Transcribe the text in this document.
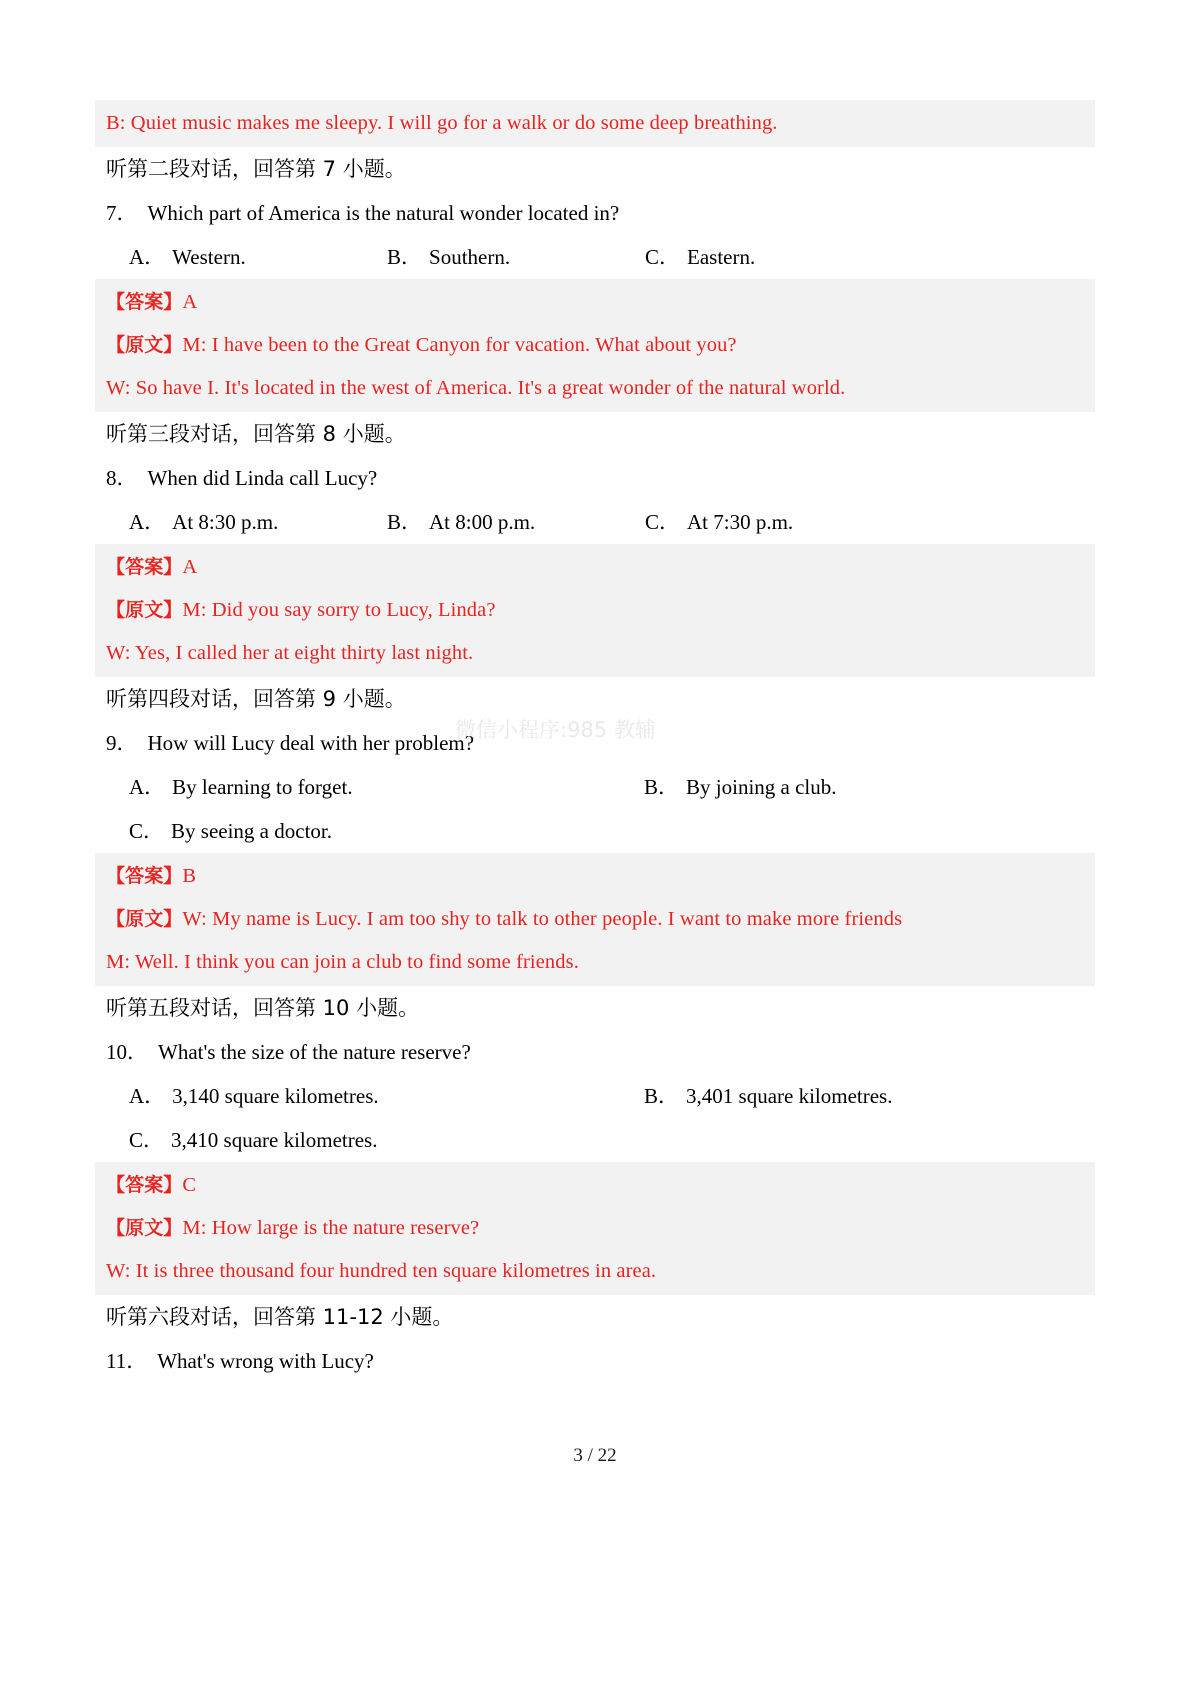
B: Quiet music makes me sleepy. I will go for a walk or do some deep breathing.
听第二段对话，回答第 7 小题。
7． Which part of America is the natural wonder located in?
A． Western.	B． Southern.	C． Eastern.
【答案】A
【原文】M: I have been to the Great Canyon for vacation. What about you?
W: So have I. It's located in the west of America. It's a great wonder of the natural world.
听第三段对话，回答第 8 小题。
8． When did Linda call Lucy?
A． At 8:30 p.m.	B． At 8:00 p.m.	C． At 7:30 p.m.
【答案】A
【原文】M: Did you say sorry to Lucy, Linda?
W: Yes, I called her at eight thirty last night.
听第四段对话，回答第 9 小题。
9． How will Lucy deal with her problem?
A． By learning to forget.	B． By joining a club.
C． By seeing a doctor.
【答案】B
【原文】W: My name is Lucy. I am too shy to talk to other people. I want to make more friends
M: Well. I think you can join a club to find some friends.
听第五段对话，回答第 10 小题。
10． What's the size of the nature reserve?
A． 3,140 square kilometres.	B． 3,401 square kilometres.
C． 3,410 square kilometres.
【答案】C
【原文】M: How large is the nature reserve?
W: It is three thousand four hundred ten square kilometres in area.
听第六段对话，回答第 11-12 小题。
11． What's wrong with Lucy?
微信小程序:985 教辅
3 / 22
